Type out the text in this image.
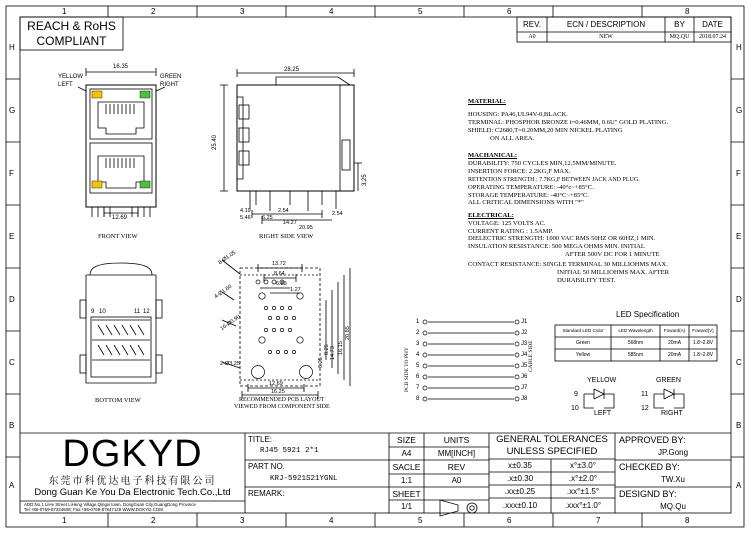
1	2	3	4	5	6	8
1	2	3	4	5	6	7	8
H
G
F
E
D
C
B
A
H
G
F
E
D
C
B
A
REACH & RoHS
COMPLIANT
REV.	ECN / DESCRIPTION	BY	DATE
A0	NEW	MQ.QU	2018.07.24
16.35
YELLOW
LEFT
GREEN
RIGHT
12.69
FRONT VIEW
28.25
25.40
3.25
4.19	2.54
5.46 6.25
14.27
20.95
2.54
RIGHT SIDE VIEW
9 10	11 12
BOTTOM VIEW
13.72
8.64
6.89
1.27
8-Ø1.05
4-Ø1.60
16-Ø0.90
2-Ø3.25
12.69
16.25
6.25
8.25 14.73 16.15
20.85
RECOMMENDED PCB LAYOUT
VIEWED FROM COMPONENT SIDE
MATERIAL:
HOUSING: PA46,UL94V-0,BLACK.
TERMINAL: PHOSPHOR BRONZE t=0.46MM, 0.6U" GOLD PLATING.
SHIELD: C2680,T=0.20MM,20 MIN NICKEL PLATING
ON ALL AREA.
MACHANICAL:
DURABILITY: 750 CYCLES MIN,12.5MM/MINUTE.
INSERTION FORCE: 2.2KG,F MAX.
RETENTION STRENGTH : 7.7KG,F BETWEEN JACK AND PLUG.
OPERATING TEMPERATURE: -40°c~+85°C.
STORAGE TEMPERATURE: -40°C~+85°C.
ALL CRITICAL DIMENSIONS WITH "*"
ELECTRICAL:
VOLTAGE: 125 VOLTS AC.
CURRENT RATING : 1.5AMP.
DIELECTRIC STRENGTH: 1000 VAC RMS 50HZ OR 60HZ,1 MIN.
INSULATION RESISTANCE: 500 MEGA OHMS MIN. INITIAL
AFTER 500V DC FOR 1 MINUTE
CONTACT RESISTANCE: SINGLE TERMINAL 30 MILLIOHMS MAX.
INITIAL 50 MILLIOHMS MAX. AFTER
DURABILITY TEST.
1
2
3
4
5
6
7
8
J1
J2
J3
J4
J5
J6
J7
J8
PCB SIDE TO PHY	CABLE SIDE
LED Specification
Standard LED Color	LED Wavelength	Foward(A)	Foward(V)
Green	568nm	20mA	1.8~2.8V
Yellow	585nm	20mA	1.8~2.8V
YELLOW
9
10
LEFT
GREEN
11
12
RIGHT
DGKYD
东莞市科优达电子科技有限公司
Dong Guan Ke You Da Electronic Tech.Co.,Ltd
ADD:No.1 LiHe Street LiHeng Village,Qingxi town, DongGuan City,GuangDong Province
Tel:+86-0769-87334608; Fax:+86-0769-87847129 WWW.DGKYD.COM
TITLE:
RJ45 5921 2*1
PART NO.
KRJ-5921S21YGNL
REMARK:
SIZE
A4
UNITS
MM[INCH]
SACLE
1:1
REV
A0
SHEET
1/1
GENERAL TOLERANCES
UNLESS SPECIFIED
x±0.35	x°±3.0°
.x±0.30	.x°±2.0°
.xx±0.25	.xx°±1.5°
.xxx±0.10	.xxx°±1.0°
APPROVED BY:
JP.Gong
CHECKED BY:
TW.Xu
DESIGND BY:
MQ.Qu
